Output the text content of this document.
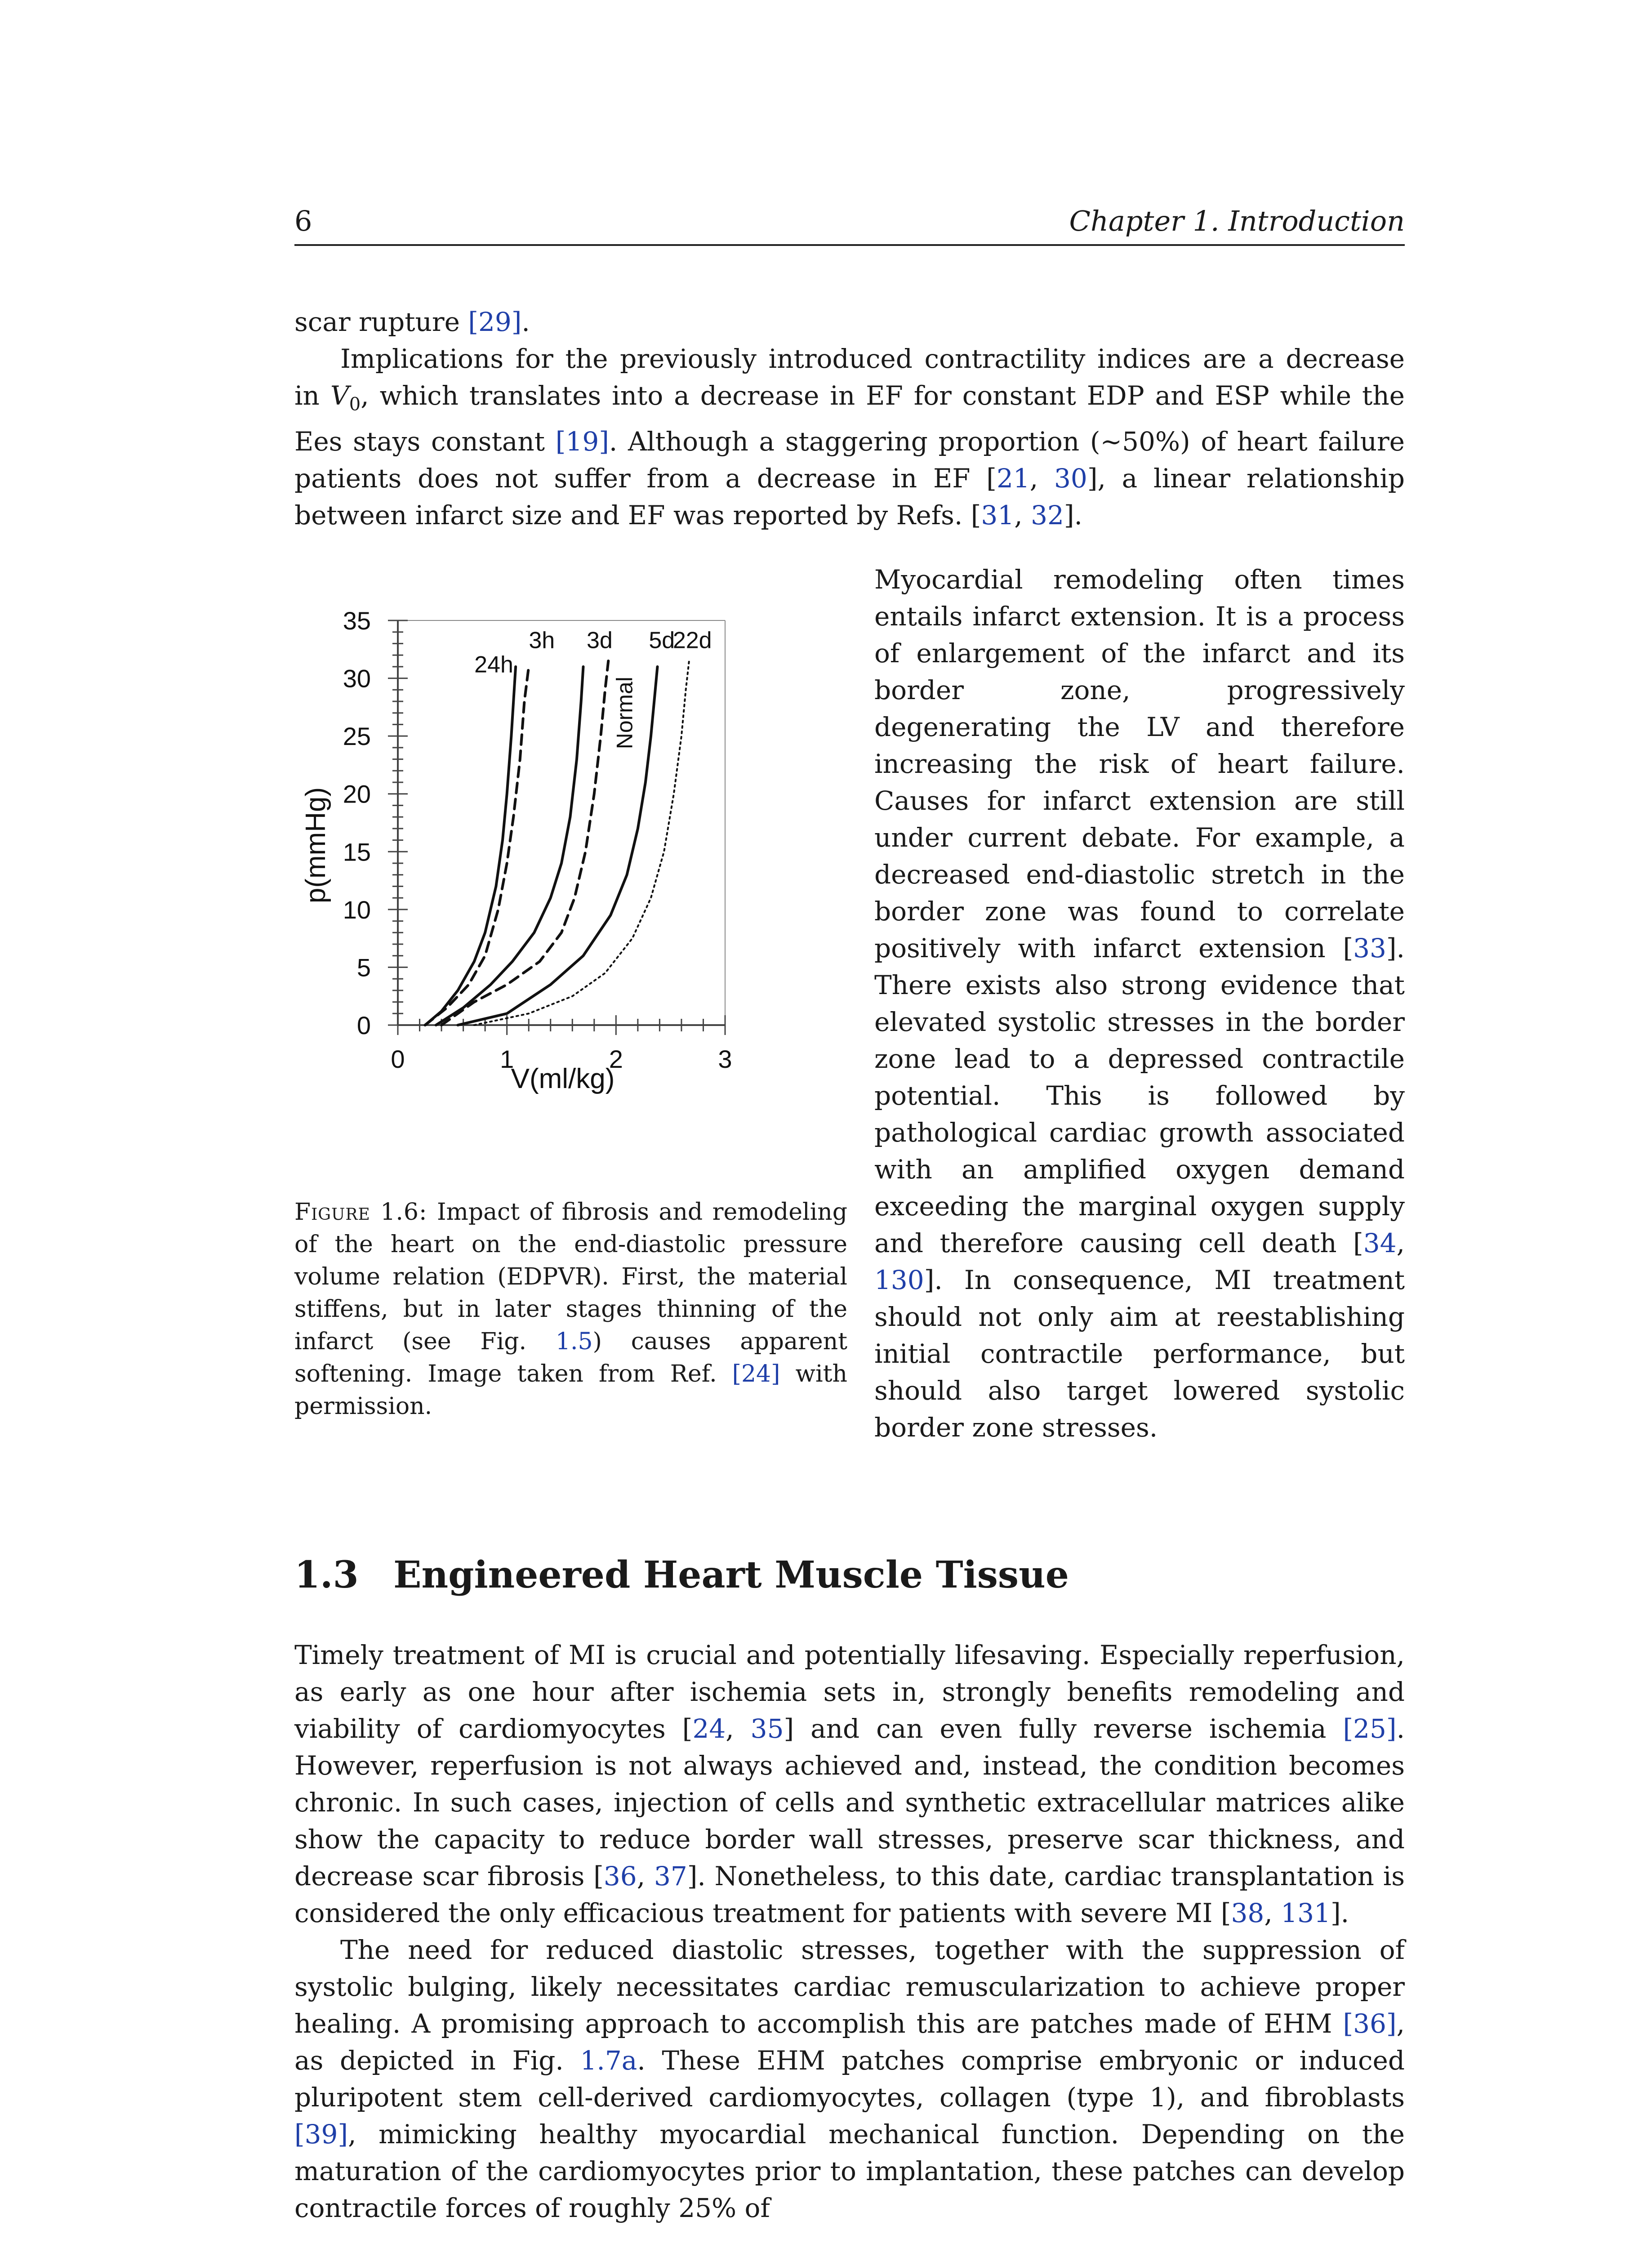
6	Chapter 1. Introduction

scar rupture [29].

Implications for the previously introduced contractility indices are a decrease in $V_0$, which translates into a decrease in EF for constant EDP and ESP while the Ees stays constant [19]. Although a staggering proportion (∼50%) of heart failure patients does not suffer from a decrease in EF [21, 30], a linear relationship between infarct size and EF was reported by Refs. [31, 32].

0
5
10
15
20
25
30
35
0	1	2	3
24h
3h 3d
Normal
5d
22d
V(ml/kg)
p(mmHg)

Figure 1.6: Impact of fibrosis and remodeling of the heart on the end-diastolic pressure volume relation (EDPVR). First, the material stiffens, but in later stages thinning of the infarct (see Fig. 1.5) causes apparent softening. Image taken from Ref. [24] with permission.

Myocardial remodeling often times entails infarct extension. It is a process of enlargement of the infarct and its border zone, progressively degenerating the LV and therefore increasing the risk of heart failure. Causes for infarct extension are still under current debate. For example, a decreased end-diastolic stretch in the border zone was found to correlate positively with infarct extension [33]. There exists also strong evidence that elevated systolic stresses in the border zone lead to a depressed contractile potential. This is followed by pathological cardiac growth associated with an amplified oxygen demand exceeding the marginal oxygen supply and therefore causing cell death [34, 130]. In consequence, MI treatment should not only aim at reestablishing initial contractile performance, but should also target lowered systolic border zone stresses.

1.3 Engineered Heart Muscle Tissue

Timely treatment of MI is crucial and potentially lifesaving. Especially reperfusion, as early as one hour after ischemia sets in, strongly benefits remodeling and viability of cardiomyocytes [24, 35] and can even fully reverse ischemia [25]. However, reperfusion is not always achieved and, instead, the condition becomes chronic. In such cases, injection of cells and synthetic extracellular matrices alike show the capacity to reduce border wall stresses, preserve scar thickness, and decrease scar fibrosis [36, 37]. Nonetheless, to this date, cardiac transplantation is considered the only efficacious treatment for patients with severe MI [38, 131].

The need for reduced diastolic stresses, together with the suppression of systolic bulging, likely necessitates cardiac remuscularization to achieve proper healing. A promising approach to accomplish this are patches made of EHM [36], as depicted in Fig. 1.7a. These EHM patches comprise embryonic or induced pluripotent stem cell-derived cardiomyocytes, collagen (type 1), and fibroblasts [39], mimicking healthy myocardial mechanical function. Depending on the maturation of the cardiomyocytes prior to implantation, these patches can develop contractile forces of roughly 25% of
